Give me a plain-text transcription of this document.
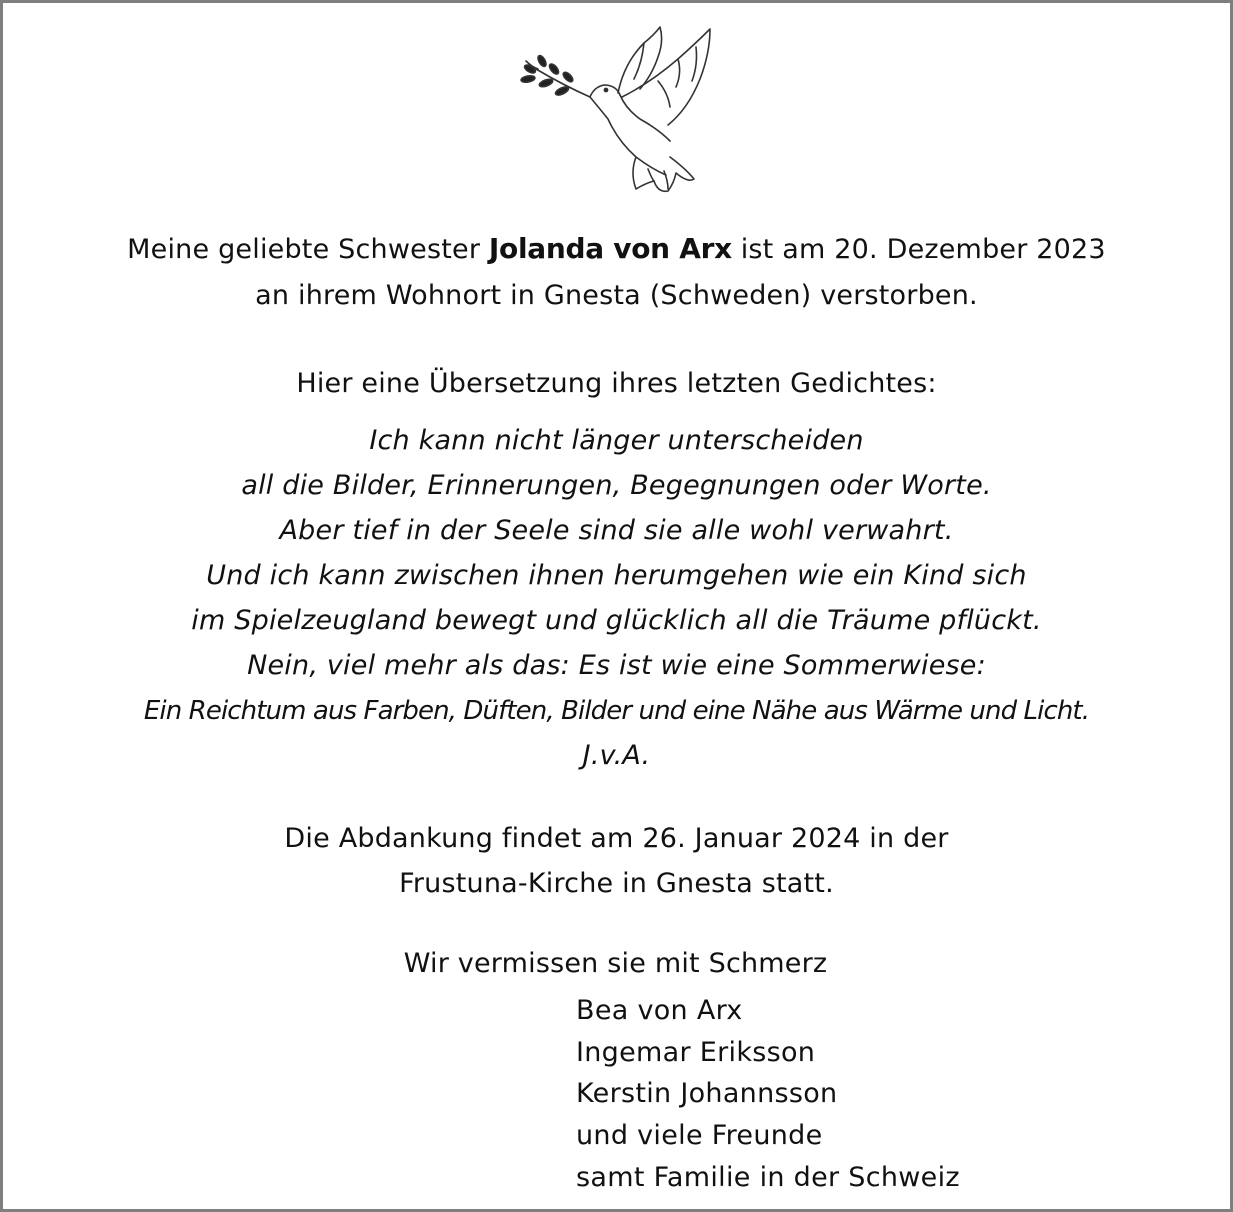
Meine geliebte Schwester Jolanda von Arx ist am 20. Dezember 2023
an ihrem Wohnort in Gnesta (Schweden) verstorben.
Hier eine Übersetzung ihres letzten Gedichtes:
Ich kann nicht länger unterscheiden
all die Bilder, Erinnerungen, Begegnungen oder Worte.
Aber tief in der Seele sind sie alle wohl verwahrt.
Und ich kann zwischen ihnen herumgehen wie ein Kind sich
im Spielzeugland bewegt und glücklich all die Träume pflückt.
Nein, viel mehr als das: Es ist wie eine Sommerwiese:
Ein Reichtum aus Farben, Düften, Bilder und eine Nähe aus Wärme und Licht.
J.v.A.
Die Abdankung findet am 26. Januar 2024 in der
Frustuna-Kirche in Gnesta statt.
Wir vermissen sie mit Schmerz
Bea von Arx
Ingemar Eriksson
Kerstin Johannsson
und viele Freunde
samt Familie in der Schweiz
